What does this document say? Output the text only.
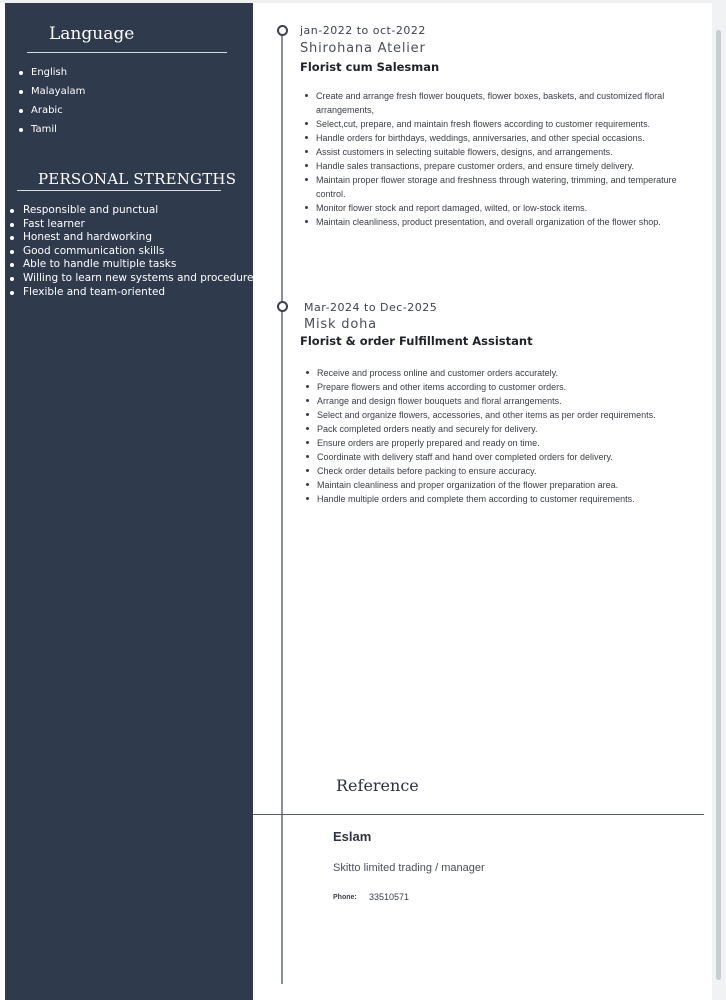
Language
English
Malayalam
Arabic
Tamil
PERSONAL STRENGTHS
Responsible and punctual
Fast learner
Honest and hardworking
Good communication skills
Able to handle multiple tasks
Willing to learn new systems and procedures
Flexible and team-oriented
jan-2022 to oct-2022
Shirohana Atelier
Florist cum Salesman
Create and arrange fresh flower bouquets, flower boxes, baskets, and customized floral arrangements,
Select,cut, prepare, and maintain fresh flowers according to customer requirements.
Handle orders for birthdays, weddings, anniversaries, and other special occasions.
Assist customers in selecting suitable flowers, designs, and arrangements.
Handle sales transactions, prepare customer orders, and ensure timely delivery.
Maintain proper flower storage and freshness through watering, trimming, and temperature control.
Monitor flower stock and report damaged, wilted, or low-stock items.
Maintain cleanliness, product presentation, and overall organization of the flower shop.
Mar-2024 to Dec-2025
Misk doha
Florist & order Fulfillment Assistant
Receive and process online and customer orders accurately.
Prepare flowers and other items according to customer orders.
Arrange and design flower bouquets and floral arrangements.
Select and organize flowers, accessories, and other items as per order requirements.
Pack completed orders neatly and securely for delivery.
Ensure orders are properly prepared and ready on time.
Coordinate with delivery staff and hand over completed orders for delivery.
Check order details before packing to ensure accuracy.
Maintain cleanliness and proper organization of the flower preparation area.
Handle multiple orders and complete them according to customer requirements.
Reference
Eslam
Skitto limited trading / manager
Phone: 33510571
